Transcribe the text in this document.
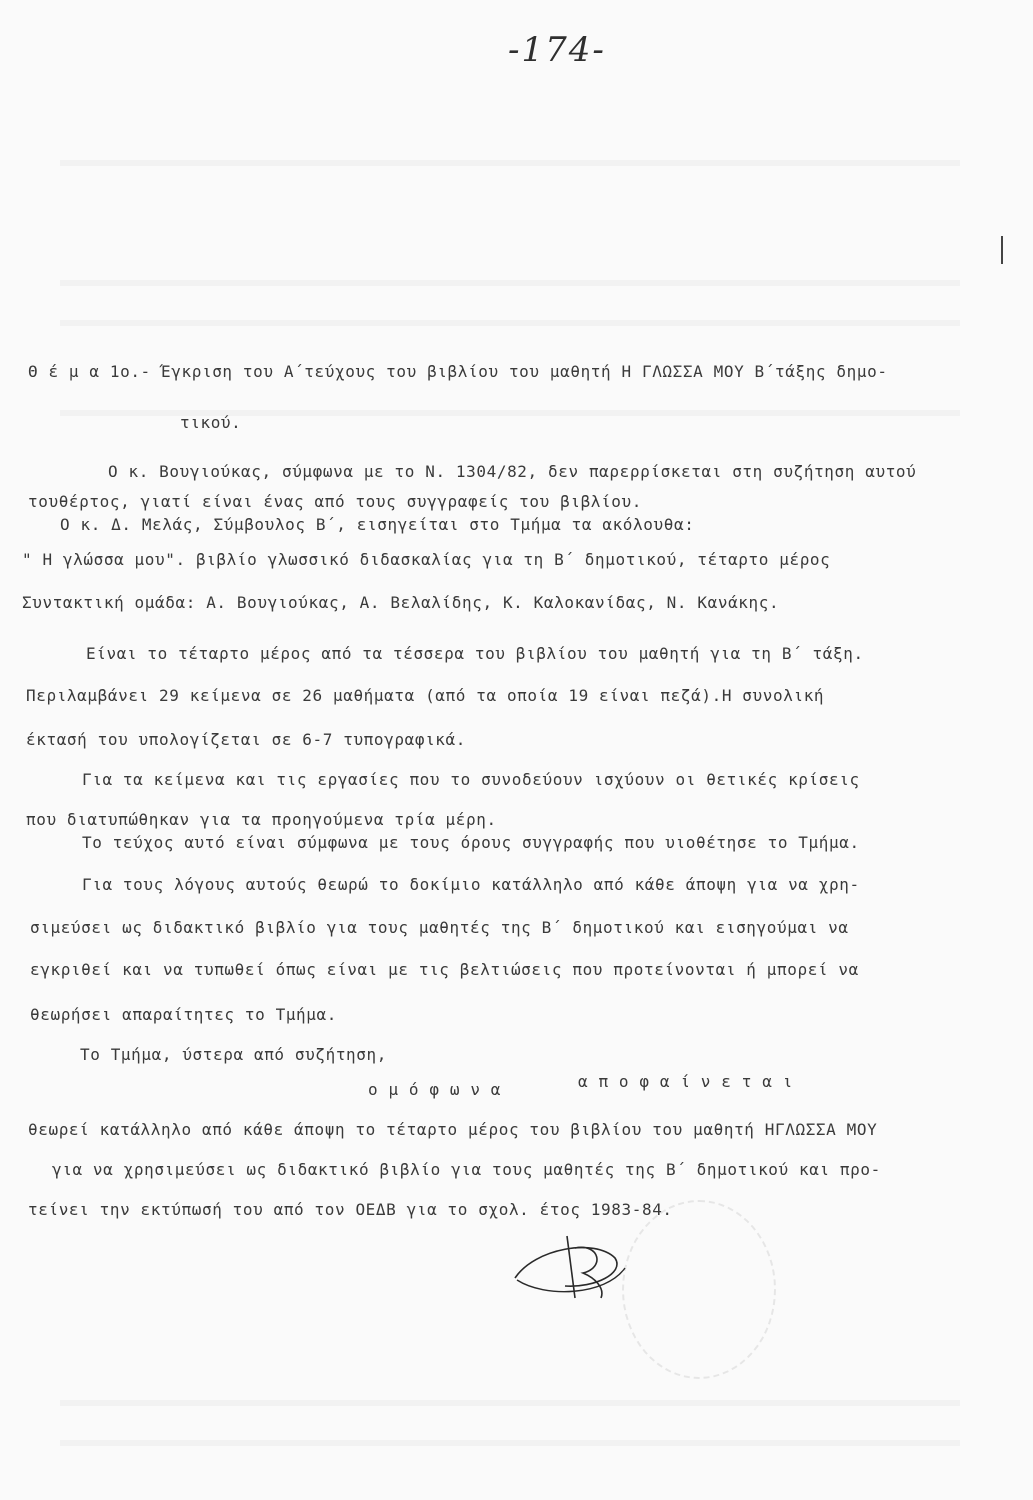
-174-
Θ έ μ α 1ο.- Έγκριση του Α΄τεύχους του βιβλίου του μαθητή Η ΓΛΩΣΣΑ ΜΟΥ Β΄τάξης δημο-
τικού.
Ο κ. Βουγιούκας, σύμφωνα με το Ν. 1304/82, δεν παρερρίσκεται στη συζήτηση αυτού
τουθέρτος, γιατί είναι ένας από τους συγγραφείς του βιβλίου.
Ο κ. Δ. Μελάς, Σύμβουλος Β΄, εισηγείται στο Τμήμα τα ακόλουθα:
" Η γλώσσα μου". βιβλίο γλωσσικό διδασκαλίας για τη Β΄ δημοτικού, τέταρτο μέρος
Συντακτική ομάδα: Α. Βουγιούκας, Α. Βελαλίδης, Κ. Καλοκανίδας, Ν. Κανάκης.
Είναι το τέταρτο μέρος από τα τέσσερα του βιβλίου του μαθητή για τη Β΄ τάξη.
Περιλαμβάνει 29 κείμενα σε 26 μαθήματα (από τα οποία 19 είναι πεζά).Η συνολική
έκτασή του υπολογίζεται σε 6-7 τυπογραφικά.
Για τα κείμενα και τις εργασίες που το συνοδεύουν ισχύουν οι θετικές κρίσεις
που διατυπώθηκαν για τα προηγούμενα τρία μέρη.
Το τεύχος αυτό είναι σύμφωνα με τους όρους συγγραφής που υιοθέτησε το Τμήμα.
Για τους λόγους αυτούς θεωρώ το δοκίμιο κατάλληλο από κάθε άποψη για να χρη-
σιμεύσει ως διδακτικό βιβλίο για τους μαθητές της Β΄ δημοτικού και εισηγούμαι να
εγκριθεί και να τυπωθεί όπως είναι με τις βελτιώσεις που προτείνονται ή μπορεί να
θεωρήσει απαραίτητες το Τμήμα.
Το Τμήμα, ύστερα από συζήτηση,
ο μ ό φ ω ν α	α π ο φ α ί ν ε τ α ι
θεωρεί κατάλληλο από κάθε άποψη το τέταρτο μέρος του βιβλίου του μαθητή ΗΓΛΩΣΣΑ ΜΟΥ
για να χρησιμεύσει ως διδακτικό βιβλίο για τους μαθητές της Β΄ δημοτικού και προ-
τείνει την εκτύπωσή του από τον ΟΕΔΒ για το σχολ. έτος 1983-84.
